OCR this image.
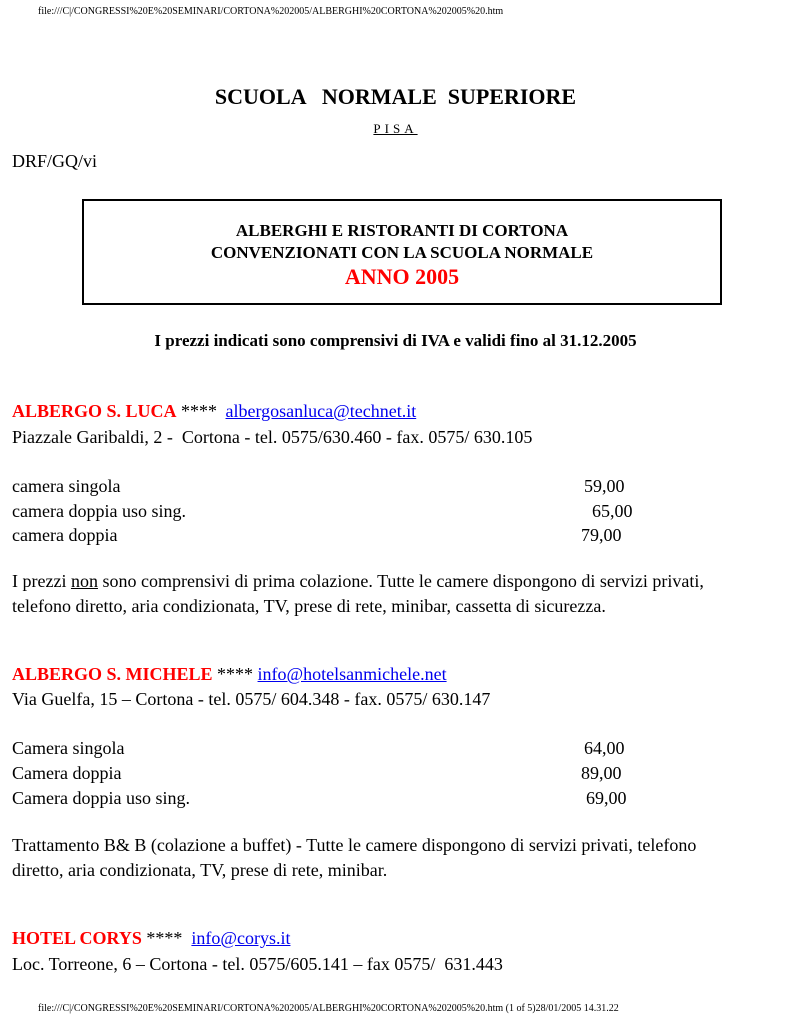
file:///C|/CONGRESSI%20E%20SEMINARI/CORTONA%202005/ALBERGHI%20CORTONA%202005%20.htm
SCUOLA   NORMALE  SUPERIORE
PISA
DRF/GQ/vi
ALBERGHI E RISTORANTI DI CORTONA
CONVENZIONATI CON LA SCUOLA NORMALE
ANNO 2005
I prezzi indicati sono comprensivi di IVA e validi fino al 31.12.2005
ALBERGO S. LUCA **** albergosanluca@technet.it
Piazzale Garibaldi, 2 -  Cortona - tel. 0575/630.460 - fax. 0575/ 630.105
camera singola	59,00
camera doppia uso sing.	65,00
camera doppia	79,00
I prezzi non sono comprensivi di prima colazione. Tutte le camere dispongono di servizi privati,
telefono diretto, aria condizionata, TV, prese di rete, minibar, cassetta di sicurezza.
ALBERGO S. MICHELE **** info@hotelsanmichele.net
Via Guelfa, 15 – Cortona - tel. 0575/ 604.348 - fax. 0575/ 630.147
Camera singola	64,00
Camera doppia	89,00
Camera doppia uso sing.	69,00
Trattamento B& B (colazione a buffet) - Tutte le camere dispongono di servizi privati, telefono
diretto, aria condizionata, TV, prese di rete, minibar.
HOTEL CORYS ****  info@corys.it
Loc. Torreone, 6 – Cortona - tel. 0575/605.141 – fax 0575/  631.443
file:///C|/CONGRESSI%20E%20SEMINARI/CORTONA%202005/ALBERGHI%20CORTONA%202005%20.htm (1 of 5)28/01/2005 14.31.22
